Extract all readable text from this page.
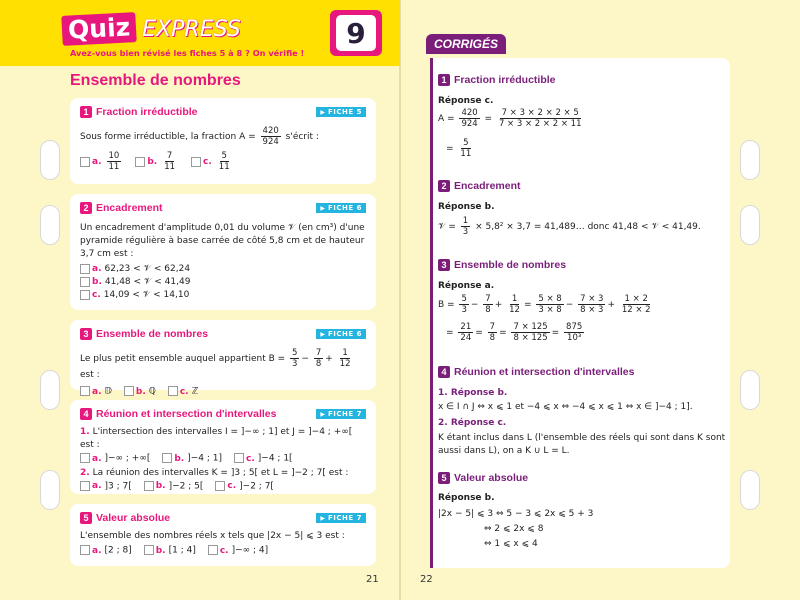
Quiz EXPRESS
Avez-vous bien révisé les fiches 5 à 8 ? On vérifie !
9
Ensemble de nombres
1 Fraction irréductible	▶ FICHE 5
Sous forme irréductible, la fraction $A = \frac{420}{924}$ s'écrit :
a. $\frac{10}{11}$	b. $\frac{7}{11}$	c. $\frac{5}{11}$
2 Encadrement	▶ FICHE 6
Un encadrement d'amplitude 0,01 du volume 𝒱 (en cm³) d'une pyramide régulière à base carrée de côté 5,8 cm et de hauteur 3,7 cm est :
a. 62,23 < 𝒱 < 62,24
b. 41,48 < 𝒱 < 41,49
c. 14,09 < 𝒱 < 14,10
3 Ensemble de nombres	▶ FICHE 6
Le plus petit ensemble auquel appartient $B = \frac{5}{3} - \frac{7}{8} + \frac{1}{12}$
est :
a. 𝔻	b. ℚ	c. ℤ
4 Réunion et intersection d'intervalles	▶ FICHE 7
1. L'intersection des intervalles I = ]−∞ ; 1] et J = ]−4 ; +∞[ est :
a. ]−∞ ; +∞[	b. ]−4 ; 1]	c. ]−4 ; 1[
2. La réunion des intervalles K = ]3 ; 5[ et L = ]−2 ; 7[ est :
a. ]3 ; 7[	b. ]−2 ; 5[	c. ]−2 ; 7[
5 Valeur absolue	▶ FICHE 7
L'ensemble des nombres réels x tels que |2x − 5| ⩽ 3 est :
a. [2 ; 8]	b. [1 ; 4]	c. ]−∞ ; 4]
CORRIGÉS
1 Fraction irréductible
Réponse c.
$A = \frac{420}{924} = \frac{7 \times 3 \times 2 \times 2 \times 5}{7 \times 3 \times 2 \times 2 \times 11}$
= $\frac{5}{11}$
2 Encadrement
Réponse b.
𝒱 = $\frac{1}{3} \times 5,8^2 \times 3,7$ = 41,489… donc 41,48 < 𝒱 < 41,49.
3 Ensemble de nombres
Réponse a.
$B = \frac{5}{3} - \frac{7}{8} + \frac{1}{12} = \frac{5 \times 8}{3 \times 8} - \frac{7 \times 3}{8 \times 3} + \frac{1 \times 2}{12 \times 2}$
= $\frac{21}{24} = \frac{7}{8} = \frac{7 \times 125}{8 \times 125} = \frac{875}{\text{10³}}$
4 Réunion et intersection d'intervalles
1. Réponse b.
x ∈ I ∩ J ⇔ x ⩽ 1 et −4 ⩽ x ⇔ −4 ⩽ x ⩽ 1 ⇔ x ∈ ]−4 ; 1].
2. Réponse c.
K étant inclus dans L (l'ensemble des réels qui sont dans K sont
aussi dans L), on a K ∪ L = L.
5 Valeur absolue
Réponse b.
|2x − 5| ⩽ 3 ⇔ 5 − 3 ⩽ 2x ⩽ 5 + 3
⇔ 2 ⩽ 2x ⩽ 8
⇔ 1 ⩽ x ⩽ 4
21	22
